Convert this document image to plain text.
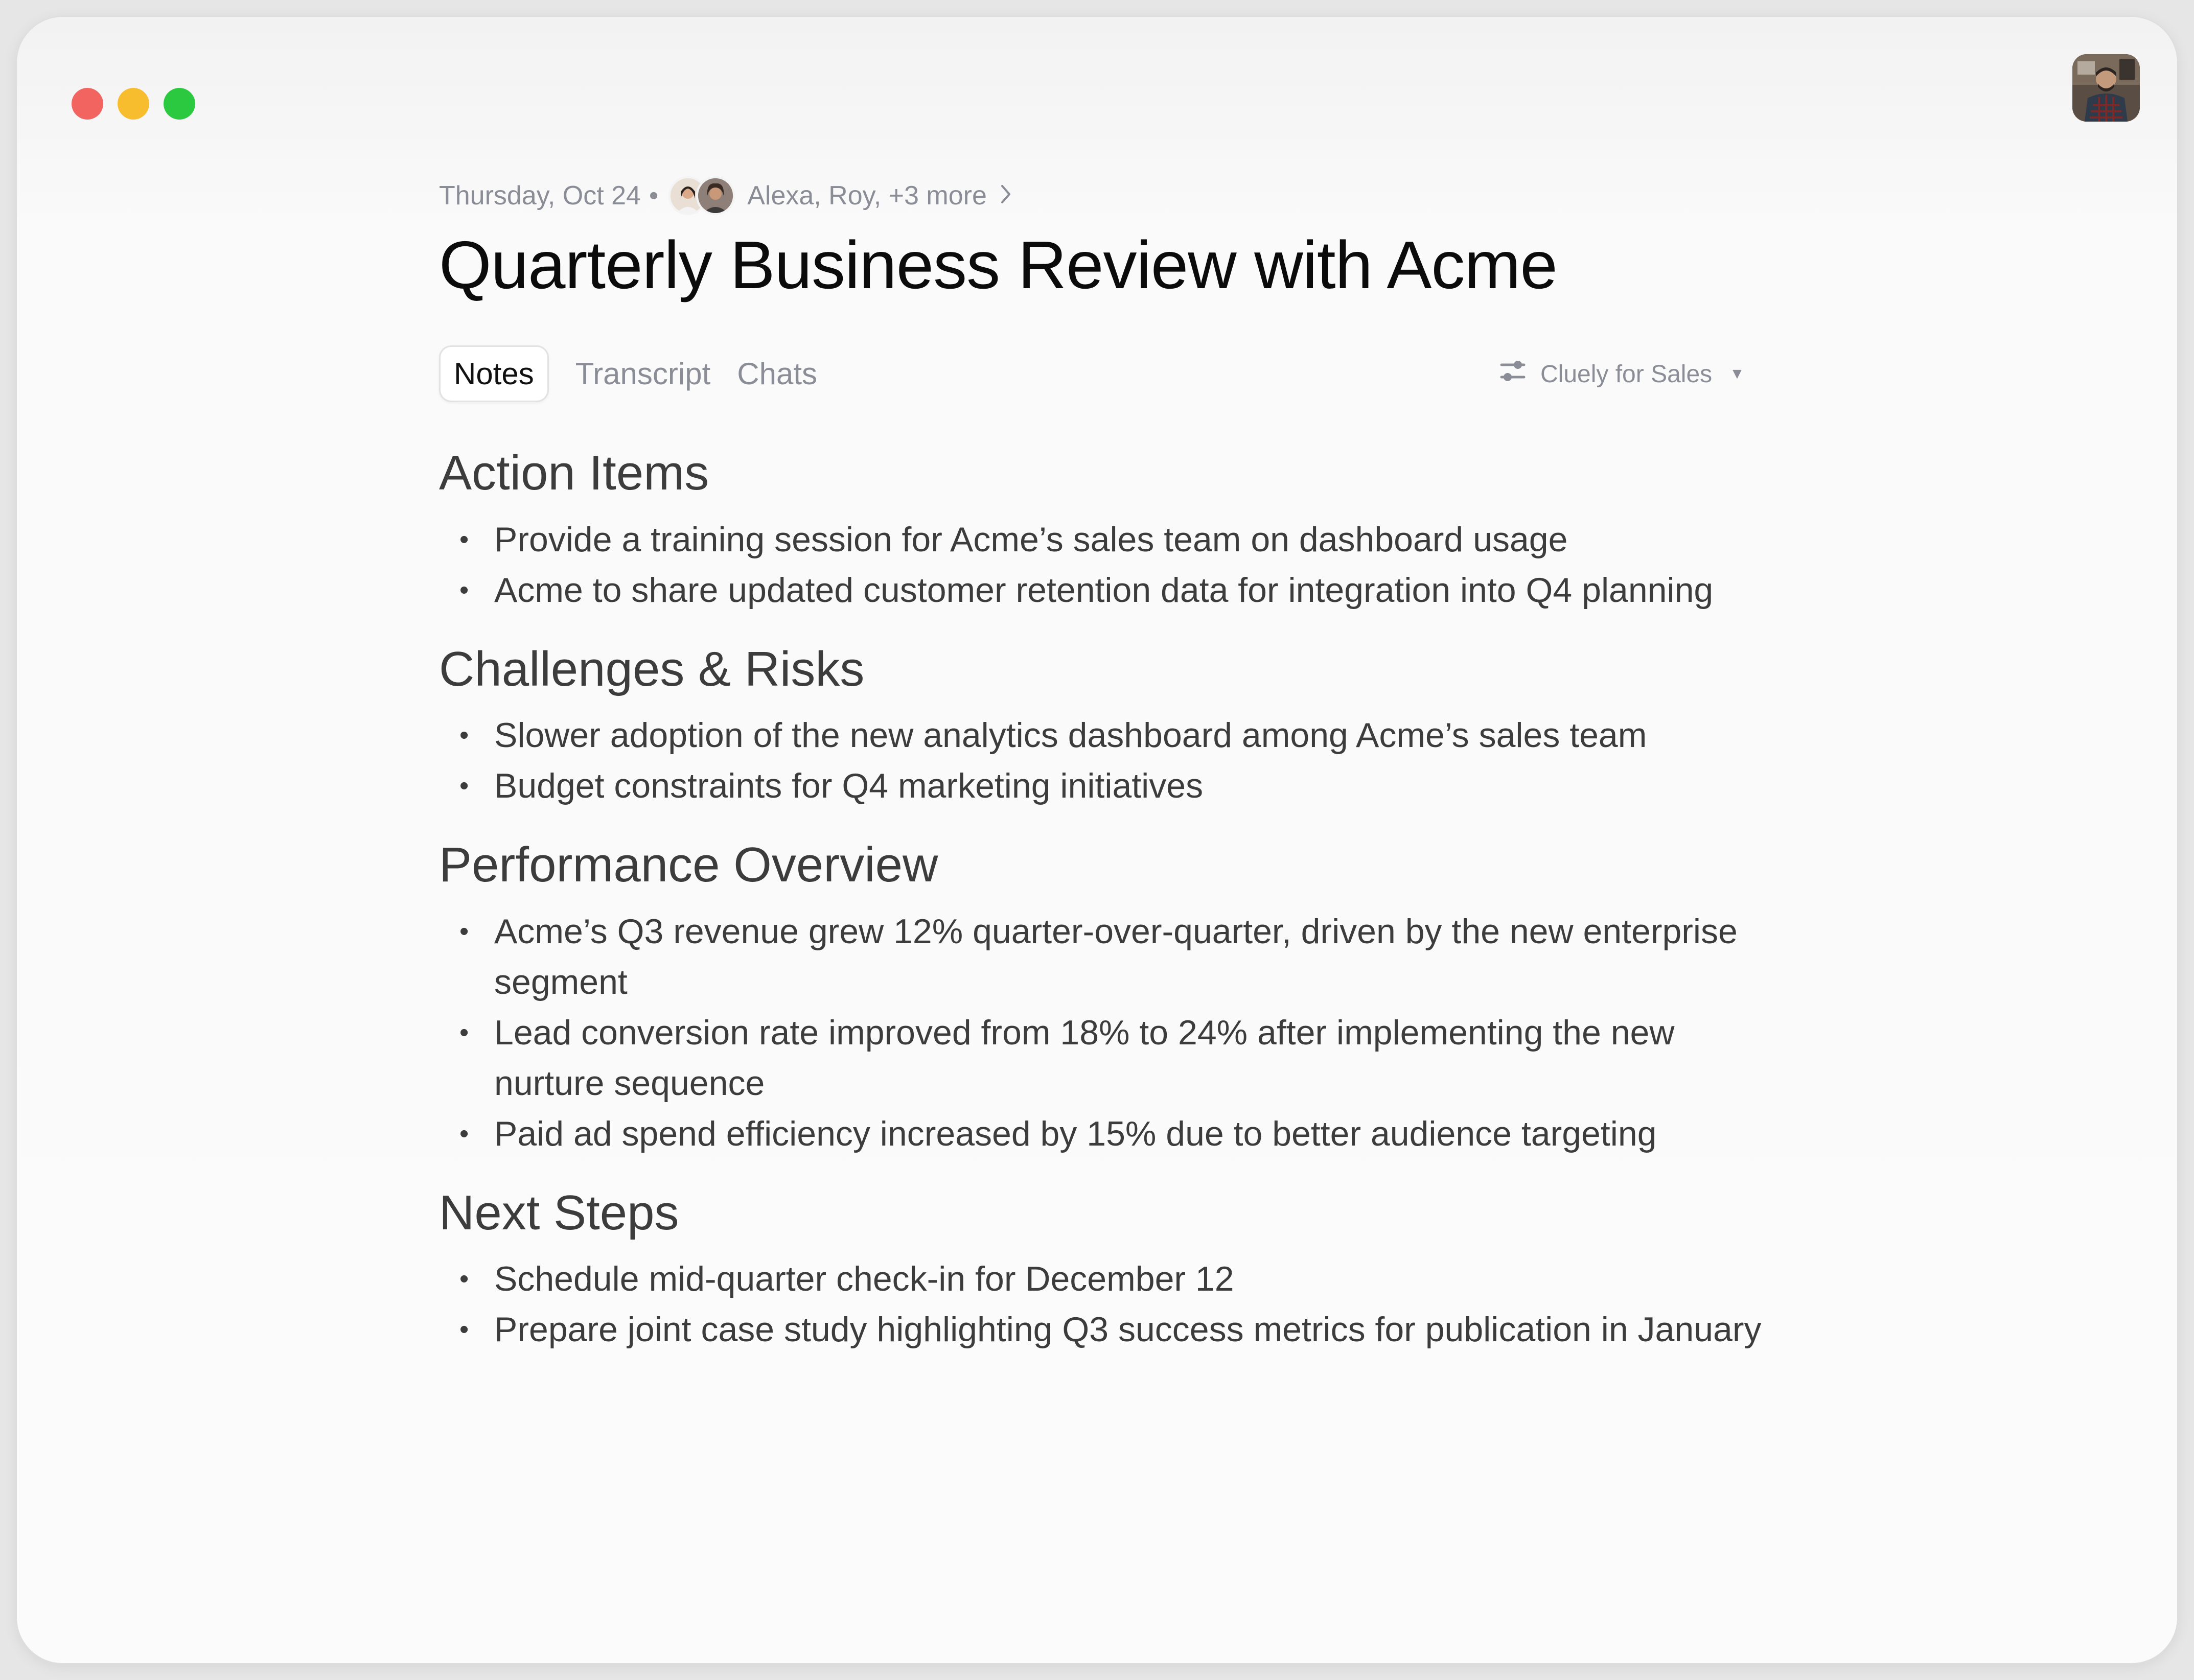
Thursday, Oct 24 •	Alexa, Roy, +3 more
Quarterly Business Review with Acme
Notes	Transcript Chats	Cluely for Sales ▼
Action Items
• Provide a training session for Acme’s sales team on dashboard usage
• Acme to share updated customer retention data for integration into Q4 planning
Challenges & Risks
• Slower adoption of the new analytics dashboard among Acme’s sales team
• Budget constraints for Q4 marketing initiatives
Performance Overview
• Acme’s Q3 revenue grew 12% quarter-over-quarter, driven by the new enterprise segment
• Lead conversion rate improved from 18% to 24% after implementing the new nurture sequence
• Paid ad spend efficiency increased by 15% due to better audience targeting
Next Steps
• Schedule mid-quarter check-in for December 12
• Prepare joint case study highlighting Q3 success metrics for publication in January
